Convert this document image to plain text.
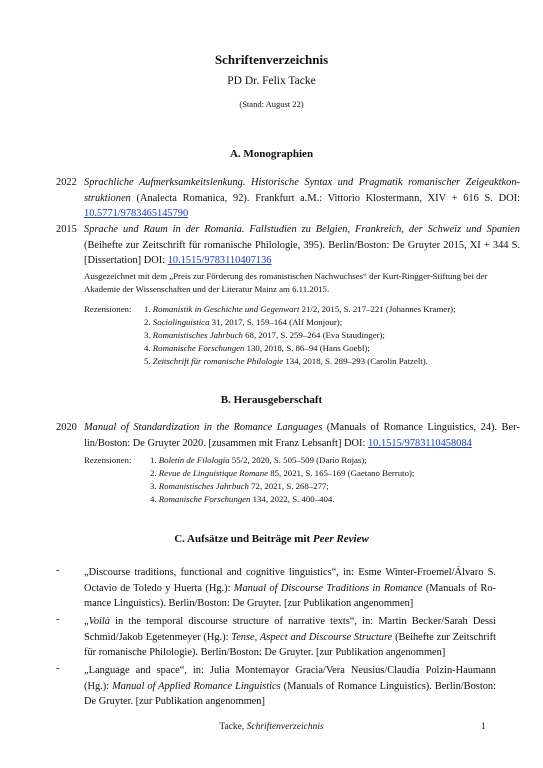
Schriftenverzeichnis
PD Dr. Felix Tacke
(Stand: August 22)
A. Monographien
2022 Sprachliche Aufmerksamkeitslenkung. Historische Syntax und Pragmatik romanischer Zeigeaktkonstruktionen (Analecta Romanica, 92). Frankfurt a.M.: Vittorio Klostermann, XIV + 616 S. DOI: 10.5771/9783465145790
2015 Sprache und Raum in der Romania. Fallstudien zu Belgien, Frankreich, der Schweiz und Spanien (Beihefte zur Zeitschrift für romanische Philologie, 395). Berlin/Boston: De Gruyter 2015, XI + 344 S. [Dissertation] DOI: 10.1515/9783110407136
Ausgezeichnet mit dem „Preis zur Förderung des romanistischen Nachwuchses“ der Kurt-Ringger-Stiftung bei der Akademie der Wissenschaften und der Literatur Mainz am 6.11.2015.
Rezensionen: 1. Romanistik in Geschichte und Gegenwart 21/2, 2015, S. 217–221 (Johannes Kramer);
2. Sociolinguistica 31, 2017, S. 159–164 (Alf Monjour);
3. Romanistisches Jahrbuch 68, 2017, S. 259–264 (Eva Staudinger);
4. Romanische Forschungen 130, 2018, S. 86–94 (Hans Goebl);
5. Zeitschrift für romanische Philologie 134, 2018, S. 289–293 (Carolin Patzelt).
B. Herausgeberschaft
2020 Manual of Standardization in the Romance Languages (Manuals of Romance Linguistics, 24). Berlin/Boston: De Gruyter 2020. [zusammen mit Franz Lebsanft] DOI: 10.1515/9783110458084
Rezensionen: 1. Boletín de Filología 55/2, 2020, S. 505–509 (Darío Rojas);
2. Revue de Linguistique Romane 85, 2021, S. 165–169 (Gaetano Berruto);
3. Romanistisches Jahrbuch 72, 2021, S. 268–277;
4. Romanische Forschungen 134, 2022, S. 400–404.
C. Aufsätze und Beiträge mit Peer Review
- „Discourse traditions, functional and cognitive linguistics“, in: Esme Winter-Froemel/Álvaro S. Octavio de Toledo y Huerta (Hg.): Manual of Discourse Traditions in Romance (Manuals of Romance Linguistics). Berlin/Boston: De Gruyter. [zur Publikation angenommen]
- „Voilà in the temporal discourse structure of narrative texts“, in: Martin Becker/Sarah Dessì Schmid/Jakob Egetenmeyer (Hg.): Tense, Aspect and Discourse Structure (Beihefte zur Zeitschrift für romanische Philologie). Berlin/Boston: De Gruyter. [zur Publikation angenommen]
- „Language and space“, in: Julia Montemayor Gracia/Vera Neusius/Claudia Polzin-Haumann (Hg.): Manual of Applied Romance Linguistics (Manuals of Romance Linguistics). Berlin/Boston: De Gruyter. [zur Publikation angenommen]
Tacke, Schriftenverzeichnis	1
